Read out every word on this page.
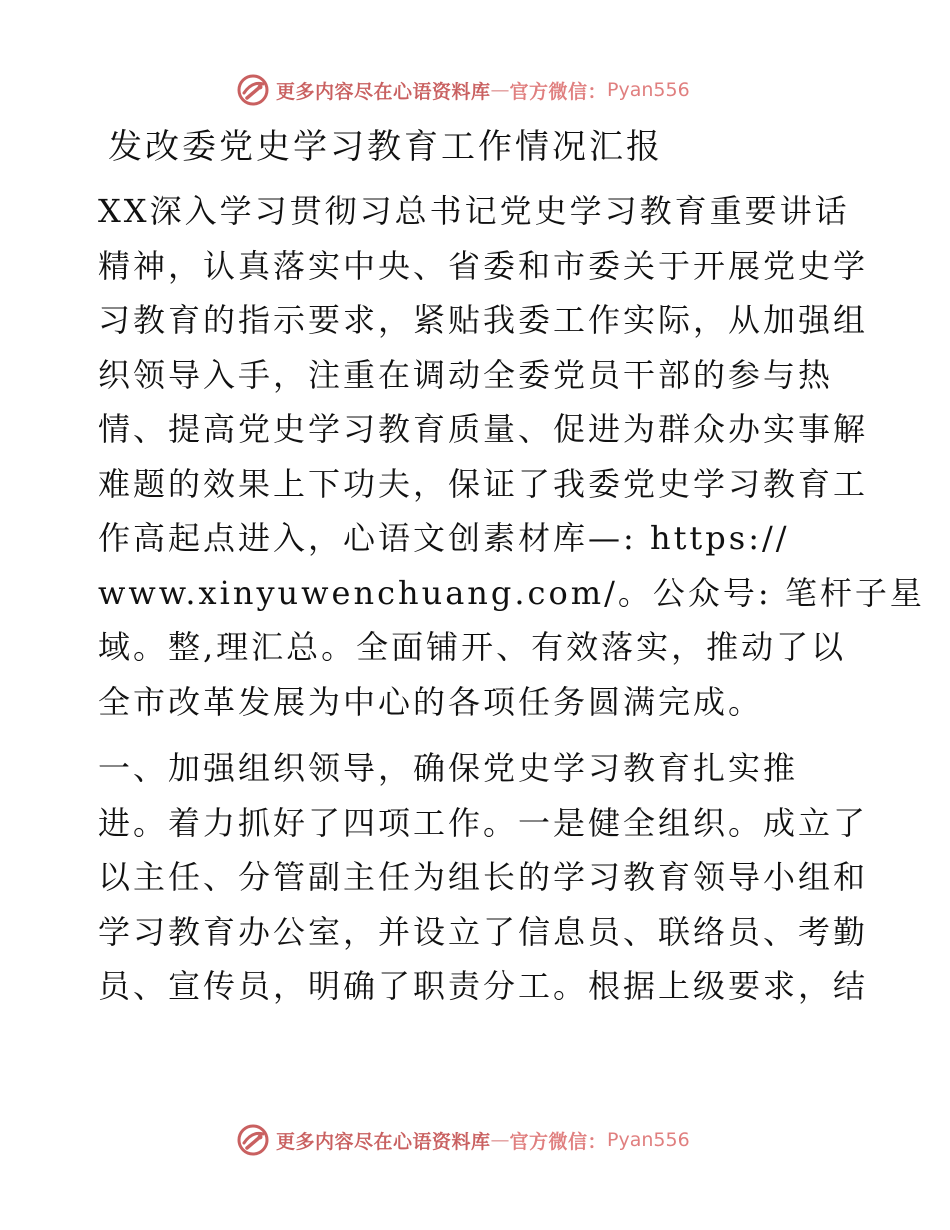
更多内容尽在心语资料库 — 官方微信： Pyan556
发改委党史学习教育工作情况汇报

XX深入学习贯彻习总书记党史学习教育重要讲话
精神，认真落实中央、省委和市委关于开展党史学
习教育的指示要求，紧贴我委工作实际，从加强组
织领导入手，注重在调动全委党员干部的参与热
情、提高党史学习教育质量、促进为群众办实事解
难题的效果上下功夫，保证了我委党史学习教育工
作高起点进入，心语文创素材库—: https://
www.xinyuwenchuang.com/。公众号: 笔杆子星
域。整,理汇总。全面铺开、有效落实，推动了以
全市改革发展为中心的各项任务圆满完成。

一、加强组织领导，确保党史学习教育扎实推
进。着力抓好了四项工作。一是健全组织。成立了
以主任、分管副主任为组长的学习教育领导小组和
学习教育办公室，并设立了信息员、联络员、考勤
员、宣传员，明确了职责分工。根据上级要求，结

更多内容尽在心语资料库 — 官方微信： Pyan556
